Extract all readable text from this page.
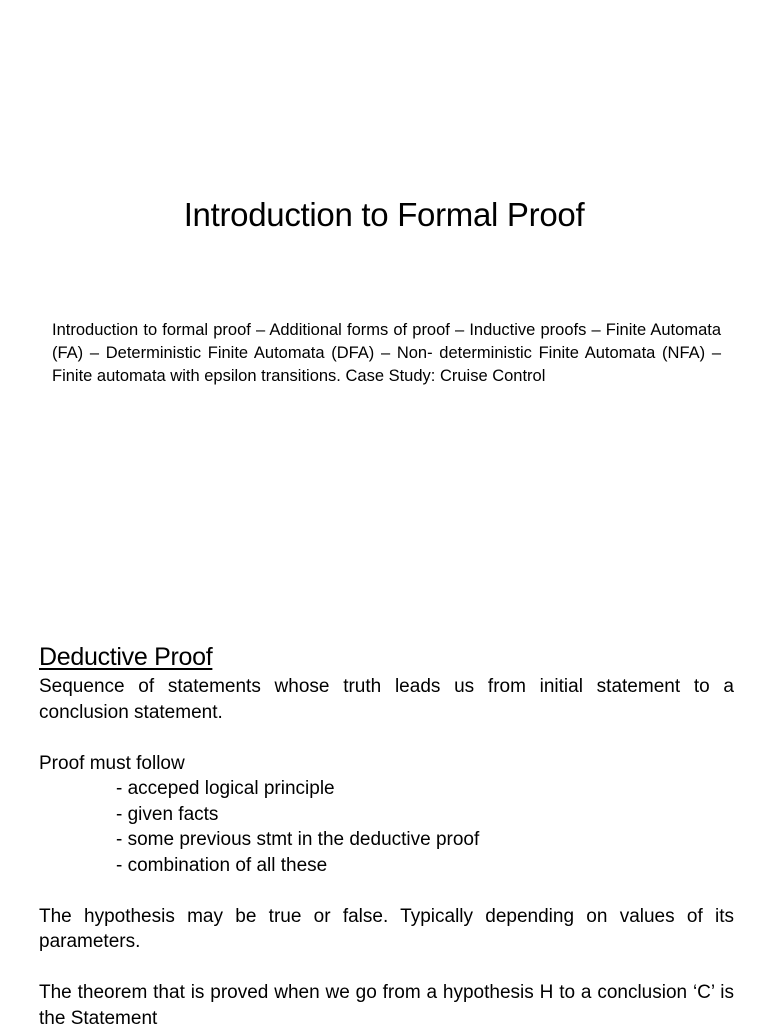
Introduction to Formal Proof

Introduction to formal proof – Additional forms of proof – Inductive proofs – Finite Automata (FA) – Deterministic Finite Automata (DFA) – Non- deterministic Finite Automata (NFA) – Finite automata with epsilon transitions. Case Study: Cruise Control

Deductive Proof

Sequence of statements whose truth leads us from initial statement to a conclusion statement.

Proof must follow

- acceped logical principle

- given facts

- some previous stmt in the deductive proof

- combination of all these

The hypothesis may be true or false. Typically depending on values of its parameters.

The theorem that is proved when we go from a hypothesis H to a conclusion ‘C’ is the Statement
